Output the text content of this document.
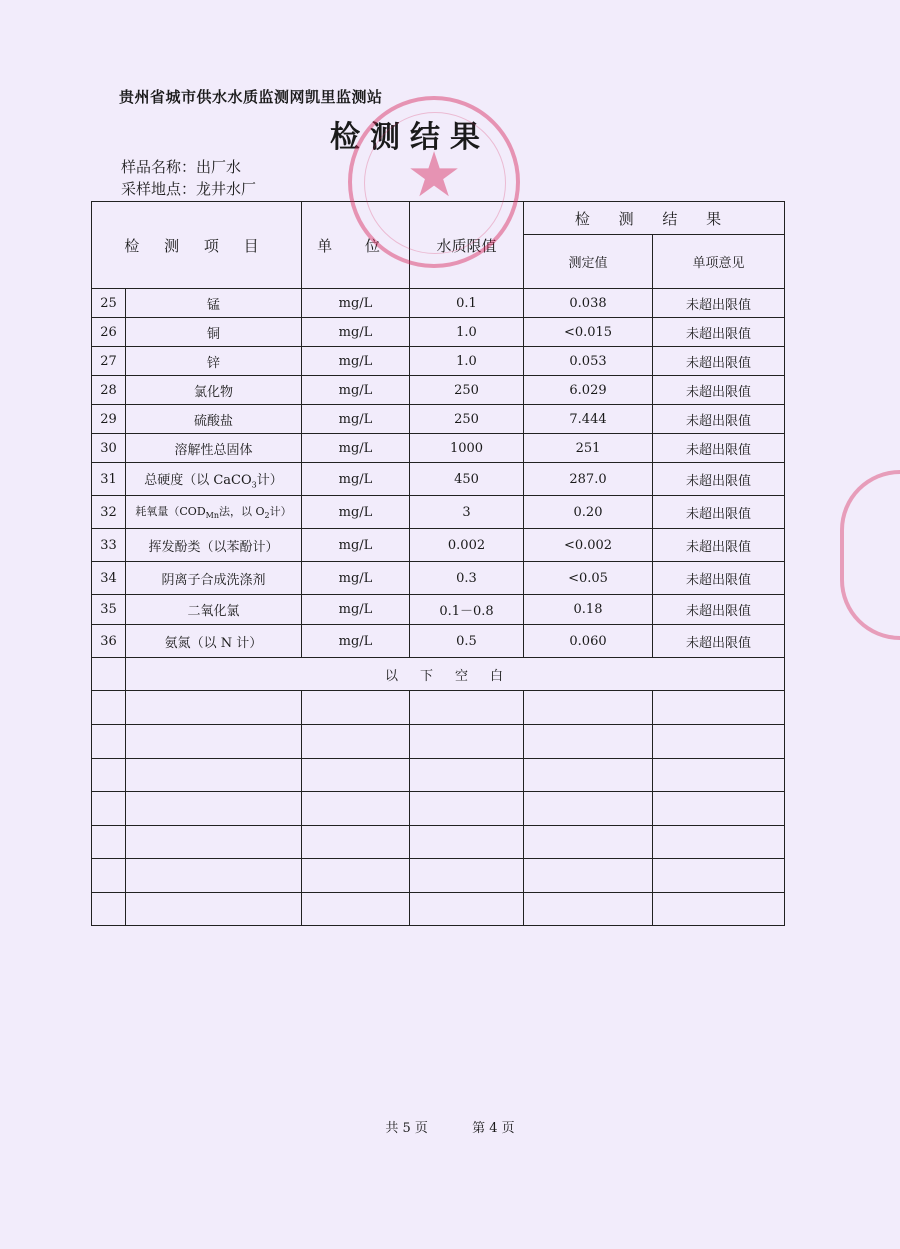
贵州省城市供水水质监测网凯里监测站
检测结果
样品名称：出厂水
采样地点：龙井水厂
检 测 项 目		单 位	水质限值	检 测 结 果	
				测定值	单项意见
25	锰	mg/L	0.1	0.038	未超出限值
26	铜	mg/L	1.0	<0.015	未超出限值
27	锌	mg/L	1.0	0.053	未超出限值
28	氯化物	mg/L	250	6.029	未超出限值
29	硫酸盐	mg/L	250	7.444	未超出限值
30	溶解性总固体	mg/L	1000	251	未超出限值
31	总硬度（以 CaCO$_3$计）	mg/L	450	287.0	未超出限值
32	耗氧量（$COD_{Mn}$法，以 $O_2$计）	mg/L	3	0.20	未超出限值
33	挥发酚类（以苯酚计）	mg/L	0.002	<0.002	未超出限值
34	阴离子合成洗涤剂	mg/L	0.3	<0.05	未超出限值
35	二氧化氯	mg/L	0.1－0.8	0.18	未超出限值
36	氨氮（以 N 计）	mg/L	0.5	0.060	未超出限值
	以下空白				

★
共 5 页	第 4 页
